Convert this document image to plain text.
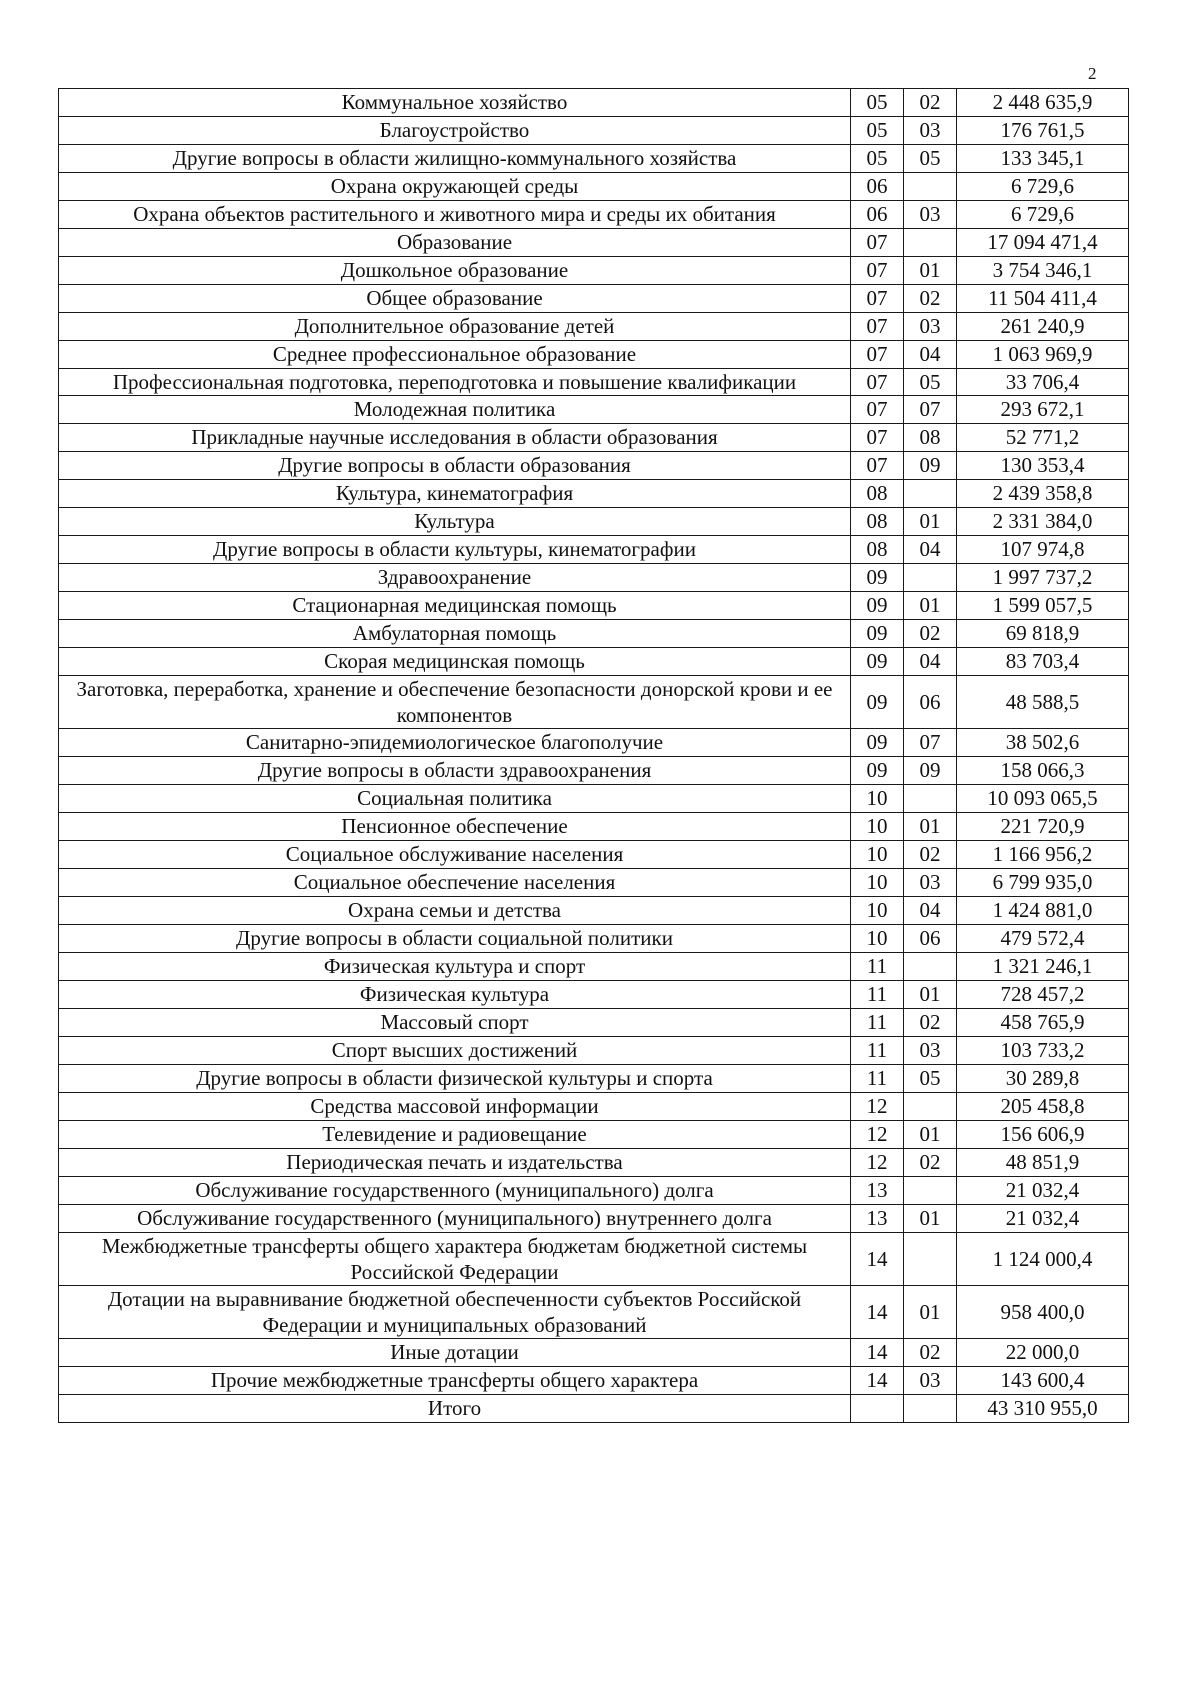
2
Коммунальное хозяйство	05	02	2 448 635,9
Благоустройство	05	03	176 761,5
Другие вопросы в области жилищно-коммунального хозяйства	05	05	133 345,1
Охрана окружающей среды	06		6 729,6
Охрана объектов растительного и животного мира и среды их обитания	06	03	6 729,6
Образование	07		17 094 471,4
Дошкольное образование	07	01	3 754 346,1
Общее образование	07	02	11 504 411,4
Дополнительное образование детей	07	03	261 240,9
Среднее профессиональное образование	07	04	1 063 969,9
Профессиональная подготовка, переподготовка и повышение квалификации	07	05	33 706,4
Молодежная политика	07	07	293 672,1
Прикладные научные исследования в области образования	07	08	52 771,2
Другие вопросы в области образования	07	09	130 353,4
Культура, кинематография	08		2 439 358,8
Культура	08	01	2 331 384,0
Другие вопросы в области культуры, кинематографии	08	04	107 974,8
Здравоохранение	09		1 997 737,2
Стационарная медицинская помощь	09	01	1 599 057,5
Амбулаторная помощь	09	02	69 818,9
Скорая медицинская помощь	09	04	83 703,4
Заготовка, переработка, хранение и обеспечение безопасности донорской крови и ее компонентов	09	06	48 588,5
Санитарно-эпидемиологическое благополучие	09	07	38 502,6
Другие вопросы в области здравоохранения	09	09	158 066,3
Социальная политика	10		10 093 065,5
Пенсионное обеспечение	10	01	221 720,9
Социальное обслуживание населения	10	02	1 166 956,2
Социальное обеспечение населения	10	03	6 799 935,0
Охрана семьи и детства	10	04	1 424 881,0
Другие вопросы в области социальной политики	10	06	479 572,4
Физическая культура и спорт	11		1 321 246,1
Физическая культура	11	01	728 457,2
Массовый спорт	11	02	458 765,9
Спорт высших достижений	11	03	103 733,2
Другие вопросы в области физической культуры и спорта	11	05	30 289,8
Средства массовой информации	12		205 458,8
Телевидение и радиовещание	12	01	156 606,9
Периодическая печать и издательства	12	02	48 851,9
Обслуживание государственного (муниципального) долга	13		21 032,4
Обслуживание государственного (муниципального) внутреннего долга	13	01	21 032,4
Межбюджетные трансферты общего характера бюджетам бюджетной системы Российской Федерации	14		1 124 000,4
Дотации на выравнивание бюджетной обеспеченности субъектов Российской Федерации и муниципальных образований	14	01	958 400,0
Иные дотации	14	02	22 000,0
Прочие межбюджетные трансферты общего характера	14	03	143 600,4
Итого			43 310 955,0
